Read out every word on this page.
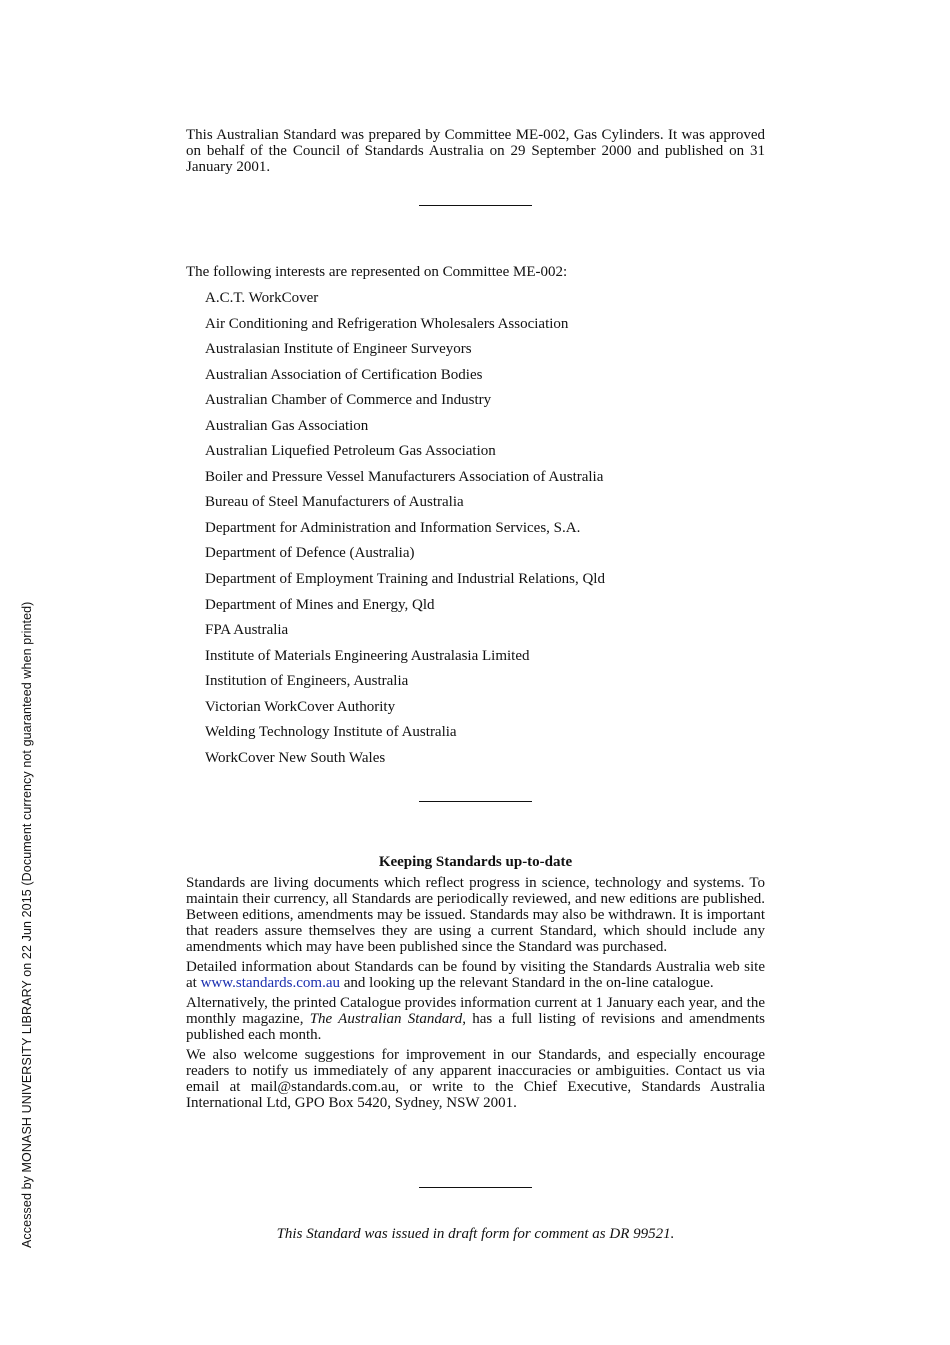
Accessed by MONASH UNIVERSITY LIBRARY on 22 Jun 2015 (Document currency not guaranteed when printed)
This Australian Standard was prepared by Committee ME-002, Gas Cylinders. It was approved on behalf of the Council of Standards Australia on 29 September 2000 and published on 31 January 2001.
The following interests are represented on Committee ME-002:
A.C.T. WorkCover
Air Conditioning and Refrigeration Wholesalers Association
Australasian Institute of Engineer Surveyors
Australian Association of Certification Bodies
Australian Chamber of Commerce and Industry
Australian Gas Association
Australian Liquefied Petroleum Gas Association
Boiler and Pressure Vessel Manufacturers Association of Australia
Bureau of Steel Manufacturers of Australia
Department for Administration and Information Services, S.A.
Department of Defence (Australia)
Department of Employment Training and Industrial Relations, Qld
Department of Mines and Energy, Qld
FPA Australia
Institute of Materials Engineering Australasia Limited
Institution of Engineers, Australia
Victorian WorkCover Authority
Welding Technology Institute of Australia
WorkCover New South Wales
Keeping Standards up-to-date

Standards are living documents which reflect progress in science, technology and systems. To maintain their currency, all Standards are periodically reviewed, and new editions are published. Between editions, amendments may be issued. Standards may also be withdrawn. It is important that readers assure themselves they are using a current Standard, which should include any amendments which may have been published since the Standard was purchased.

Detailed information about Standards can be found by visiting the Standards Australia web site at www.standards.com.au and looking up the relevant Standard in the on-line catalogue.

Alternatively, the printed Catalogue provides information current at 1 January each year, and the monthly magazine, The Australian Standard, has a full listing of revisions and amendments published each month.

We also welcome suggestions for improvement in our Standards, and especially encourage readers to notify us immediately of any apparent inaccuracies or ambiguities. Contact us via email at mail@standards.com.au, or write to the Chief Executive, Standards Australia International Ltd, GPO Box 5420, Sydney, NSW 2001.

This Standard was issued in draft form for comment as DR 99521.
